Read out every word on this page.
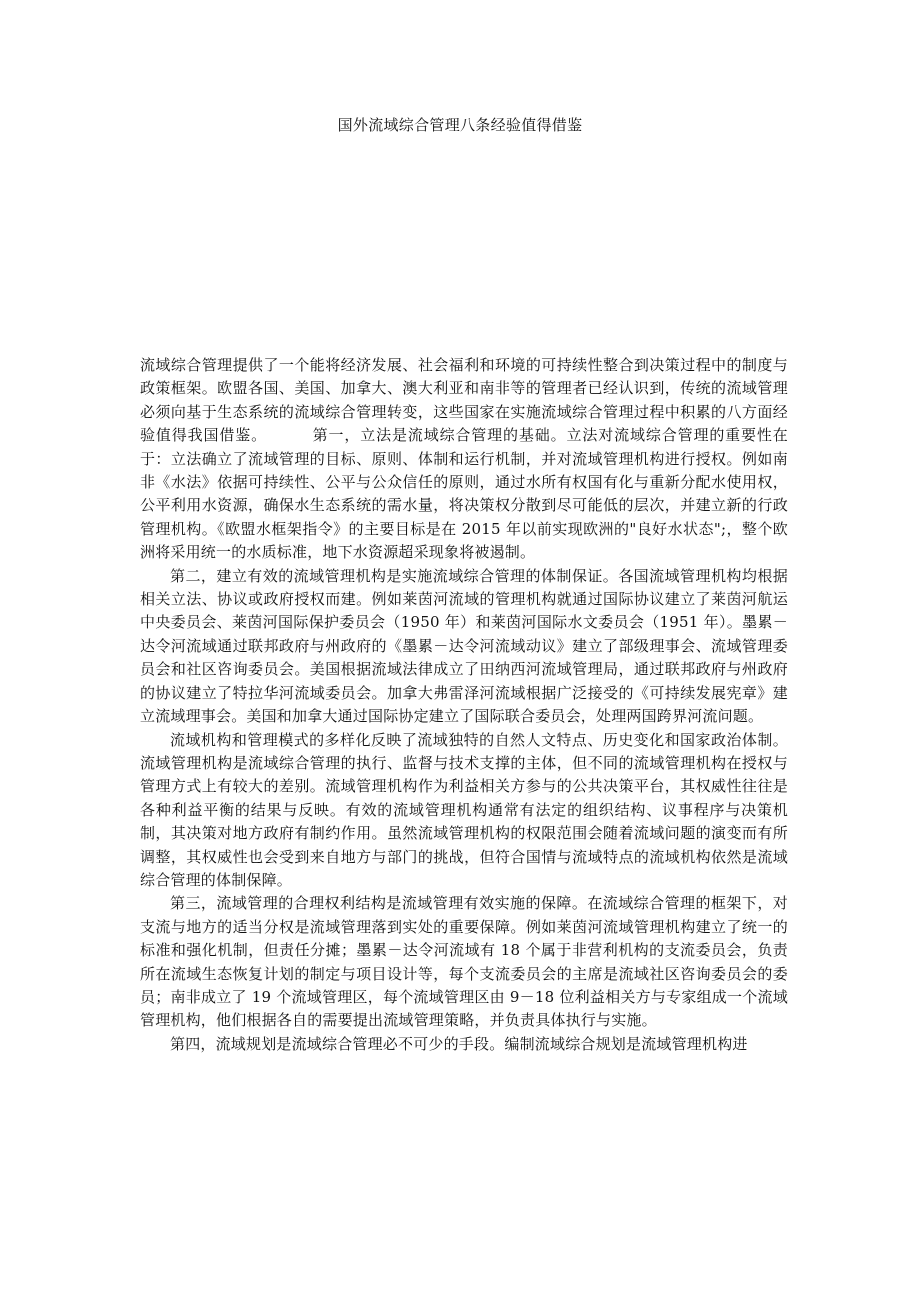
国外流域综合管理八条经验值得借鉴

流域综合管理提供了一个能将经济发展、社会福利和环境的可持续性整合到决策过程中的制度与政策框架。欧盟各国、美国、加拿大、澳大利亚和南非等的管理者已经认识到，传统的流域管理必须向基于生态系统的流域综合管理转变，这些国家在实施流域综合管理过程中积累的八方面经验值得我国借鉴。	第一，立法是流域综合管理的基础。立法对流域综合管理的重要性在于：立法确立了流域管理的目标、原则、体制和运行机制，并对流域管理机构进行授权。例如南非《水法》依据可持续性、公平与公众信任的原则，通过水所有权国有化与重新分配水使用权，公平利用水资源，确保水生态系统的需水量，将决策权分散到尽可能低的层次，并建立新的行政管理机构。《欧盟水框架指令》的主要目标是在 2015 年以前实现欧洲的"良好水状态";，整个欧洲将采用统一的水质标准，地下水资源超采现象将被遏制。

第二，建立有效的流域管理机构是实施流域综合管理的体制保证。各国流域管理机构均根据相关立法、协议或政府授权而建。例如莱茵河流域的管理机构就通过国际协议建立了莱茵河航运中央委员会、莱茵河国际保护委员会（1950 年）和莱茵河国际水文委员会（1951 年）。墨累－达令河流域通过联邦政府与州政府的《墨累－达令河流域动议》建立了部级理事会、流域管理委员会和社区咨询委员会。美国根据流域法律成立了田纳西河流域管理局，通过联邦政府与州政府的协议建立了特拉华河流域委员会。加拿大弗雷泽河流域根据广泛接受的《可持续发展宪章》建立流域理事会。美国和加拿大通过国际协定建立了国际联合委员会，处理两国跨界河流问题。

流域机构和管理模式的多样化反映了流域独特的自然人文特点、历史变化和国家政治体制。流域管理机构是流域综合管理的执行、监督与技术支撑的主体，但不同的流域管理机构在授权与管理方式上有较大的差别。流域管理机构作为利益相关方参与的公共决策平台，其权威性往往是各种利益平衡的结果与反映。有效的流域管理机构通常有法定的组织结构、议事程序与决策机制，其决策对地方政府有制约作用。虽然流域管理机构的权限范围会随着流域问题的演变而有所调整，其权威性也会受到来自地方与部门的挑战，但符合国情与流域特点的流域机构依然是流域综合管理的体制保障。

第三，流域管理的合理权利结构是流域管理有效实施的保障。在流域综合管理的框架下，对支流与地方的适当分权是流域管理落到实处的重要保障。例如莱茵河流域管理机构建立了统一的标准和强化机制，但责任分摊；墨累－达令河流域有 18 个属于非营利机构的支流委员会，负责所在流域生态恢复计划的制定与项目设计等，每个支流委员会的主席是流域社区咨询委员会的委员；南非成立了 19 个流域管理区，每个流域管理区由 9－18 位利益相关方与专家组成一个流域管理机构，他们根据各自的需要提出流域管理策略，并负责具体执行与实施。

第四，流域规划是流域综合管理必不可少的手段。编制流域综合规划是流域管理机构进
